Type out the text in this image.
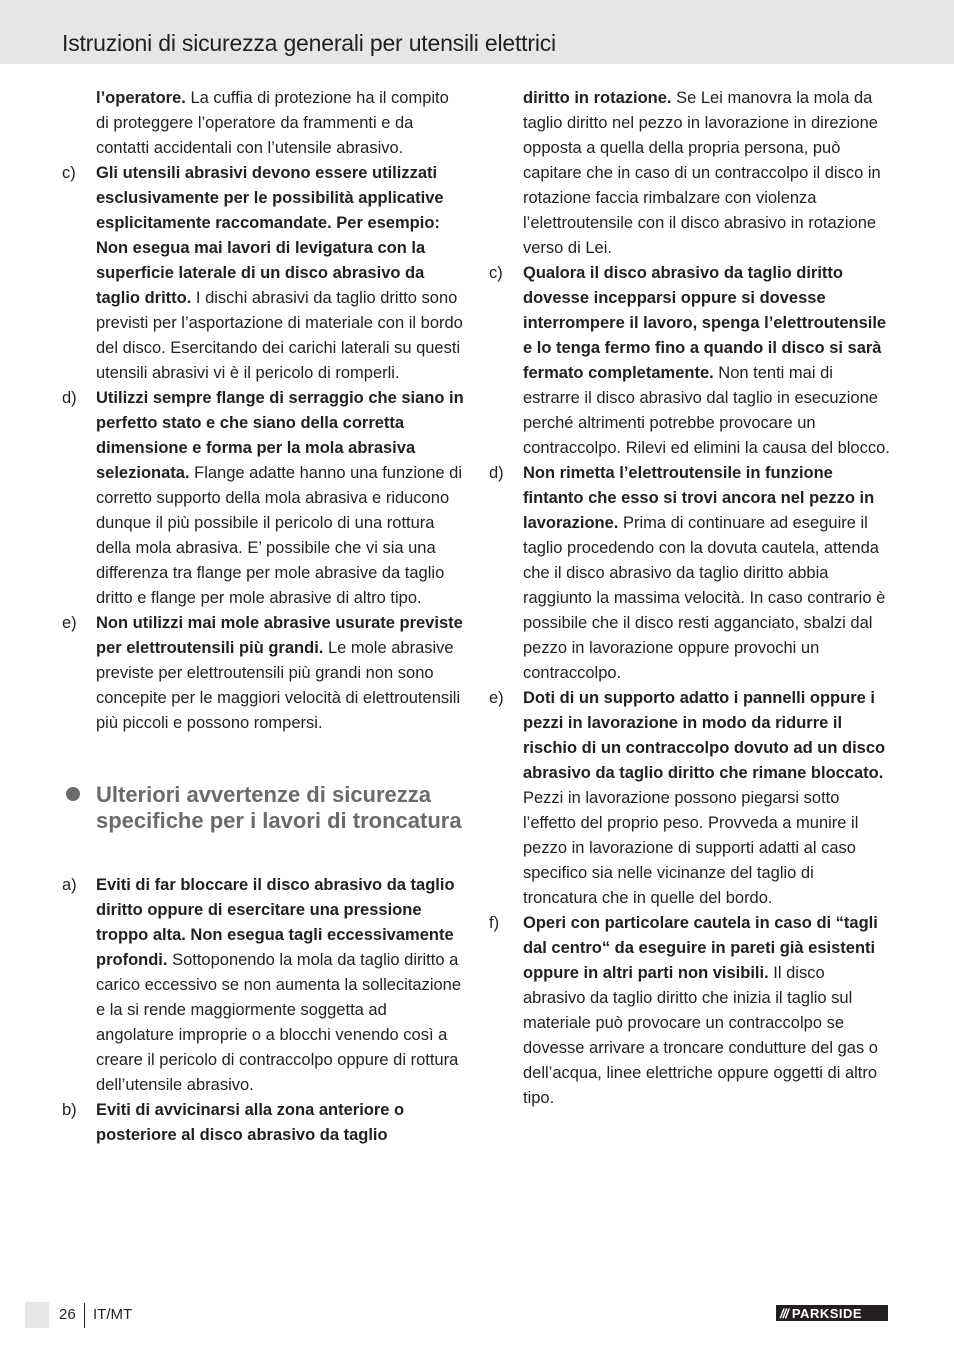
Istruzioni di sicurezza generali per utensili elettrici
l’operatore. La cuffia di protezione ha il compito di proteggere l’operatore da frammenti e da contatti accidentali con l’utensile abrasivo.
c) Gli utensili abrasivi devono essere utilizzati esclusivamente per le possibilità applicative esplicitamente raccomandate. Per esempio: Non esegua mai lavori di levigatura con la superficie laterale di un disco abrasivo da taglio dritto. I dischi abrasivi da taglio dritto sono previsti per l’asportazione di materiale con il bordo del disco. Esercitando dei carichi laterali su questi utensili abrasivi vi è il pericolo di romperli.
d) Utilizzi sempre flange di serraggio che siano in perfetto stato e che siano della corretta dimensione e forma per la mola abrasiva selezionata. Flange adatte hanno una funzione di corretto supporto della mola abrasiva e riducono dunque il più possibile il pericolo di una rottura della mola abrasiva. E’ possibile che vi sia una differenza tra flange per mole abrasive da taglio dritto e flange per mole abrasive di altro tipo.
e) Non utilizzi mai mole abrasive usurate previste per elettroutensili più grandi. Le mole abrasive previste per elettroutensili più grandi non sono concepite per le maggiori velocità di elettroutensili più piccoli e possono rompersi.
Ulteriori avvertenze di sicurezza specifiche per i lavori di troncatura
a) Eviti di far bloccare il disco abrasivo da taglio diritto oppure di esercitare una pressione troppo alta. Non esegua tagli eccessivamente profondi. Sottoponendo la mola da taglio diritto a carico eccessivo se non aumenta la sollecitazione e la si rende maggiormente soggetta ad angolature improprie o a blocchi venendo così a creare il pericolo di contraccolpo oppure di rottura dell’utensile abrasivo.
b) Eviti di avvicinarsi alla zona anteriore o posteriore al disco abrasivo da taglio
diritto in rotazione. Se Lei manovra la mola da taglio diritto nel pezzo in lavorazione in direzione opposta a quella della propria persona, può capitare che in caso di un contraccolpo il disco in rotazione faccia rimbalzare con violenza l’elettroutensile con il disco abrasivo in rotazione verso di Lei.
c) Qualora il disco abrasivo da taglio diritto dovesse incepparsi oppure si dovesse interrompere il lavoro, spenga l’elettroutensile e lo tenga fermo fino a quando il disco si sarà fermato completamente. Non tenti mai di estrarre il disco abrasivo dal taglio in esecuzione perché altrimenti potrebbe provocare un contraccolpo. Rilevi ed elimini la causa del blocco.
d) Non rimetta l’elettroutensile in funzione fintanto che esso si trovi ancora nel pezzo in lavorazione. Prima di continuare ad eseguire il taglio procedendo con la dovuta cautela, attenda che il disco abrasivo da taglio diritto abbia raggiunto la massima velocità. In caso contrario è possibile che il disco resti agganciato, sbalzi dal pezzo in lavorazione oppure provochi un contraccolpo.
e) Doti di un supporto adatto i pannelli oppure i pezzi in lavorazione in modo da ridurre il rischio di un contraccolpo dovuto ad un disco abrasivo da taglio diritto che rimane bloccato. Pezzi in lavorazione possono piegarsi sotto l’effetto del proprio peso. Provveda a munire il pezzo in lavorazione di supporti adatti al caso specifico sia nelle vicinanze del taglio di troncatura che in quelle del bordo.
f) Operi con particolare cautela in caso di “tagli dal centro“ da eseguire in pareti già esistenti oppure in altri parti non visibili. Il disco abrasivo da taglio diritto che inizia il taglio sul materiale può provocare un contraccolpo se dovesse arrivare a troncare condutture del gas o dell’acqua, linee elettriche oppure oggetti di altro tipo.
26 IT/MT	/// PARKSIDE
